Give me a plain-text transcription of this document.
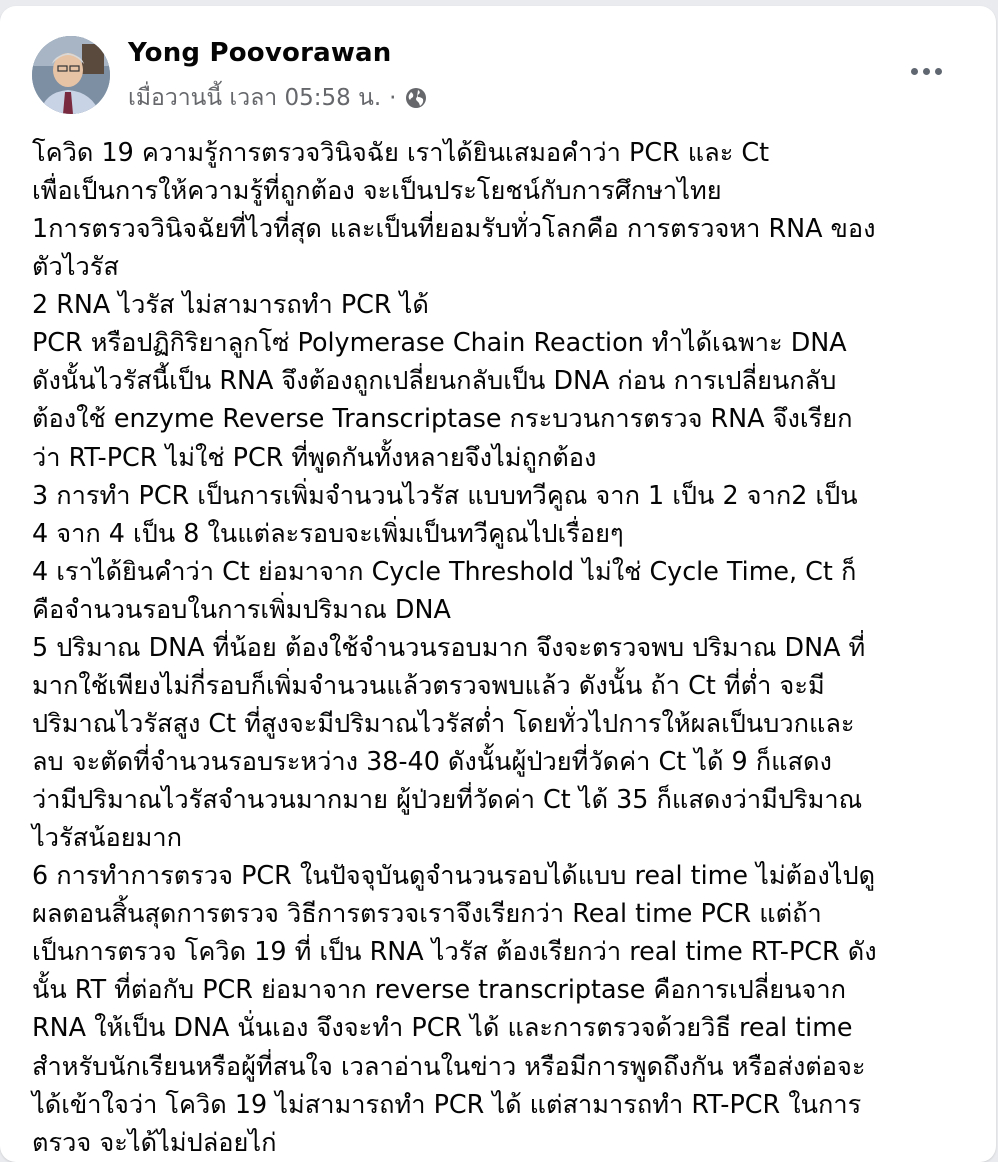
Yong Poovorawan
เมื่อวานนี้ เวลา 05:58 น. ·
โควิด 19 ความรู้การตรวจวินิจฉัย เราได้ยินเสมอคำว่า PCR และ Ct
เพื่อเป็นการให้ความรู้ที่ถูกต้อง จะเป็นประโยชน์กับการศึกษาไทย
1การตรวจวินิจฉัยที่ไวที่สุด และเป็นที่ยอมรับทั่วโลกคือ การตรวจหา RNA ของ
ตัวไวรัส
2 RNA ไวรัส ไม่สามารถทำ PCR ได้
PCR หรือปฏิกิริยาลูกโซ่ Polymerase Chain Reaction ทำได้เฉพาะ DNA
ดังนั้นไวรัสนี้เป็น RNA จึงต้องถูกเปลี่ยนกลับเป็น DNA ก่อน การเปลี่ยนกลับ
ต้องใช้ enzyme Reverse Transcriptase กระบวนการตรวจ RNA จึงเรียก
ว่า RT-PCR ไม่ใช่ PCR ที่พูดกันทั้งหลายจึงไม่ถูกต้อง
3 การทำ PCR เป็นการเพิ่มจำนวนไวรัส แบบทวีคูณ จาก 1 เป็น 2 จาก2 เป็น
4 จาก 4 เป็น 8 ในแต่ละรอบจะเพิ่มเป็นทวีคูณไปเรื่อยๆ
4 เราได้ยินคำว่า Ct ย่อมาจาก Cycle Threshold ไม่ใช่ Cycle Time, Ct ก็
คือจำนวนรอบในการเพิ่มปริมาณ DNA
5 ปริมาณ DNA ที่น้อย ต้องใช้จำนวนรอบมาก จึงจะตรวจพบ ปริมาณ DNA ที่
มากใช้เพียงไม่กี่รอบก็เพิ่มจำนวนแล้วตรวจพบแล้ว ดังนั้น ถ้า Ct ที่ต่ำ จะมี
ปริมาณไวรัสสูง Ct ที่สูงจะมีปริมาณไวรัสต่ำ โดยทั่วไปการให้ผลเป็นบวกและ
ลบ จะตัดที่จำนวนรอบระหว่าง 38-40 ดังนั้นผู้ป่วยที่วัดค่า Ct ได้ 9 ก็แสดง
ว่ามีปริมาณไวรัสจำนวนมากมาย ผู้ป่วยที่วัดค่า Ct ได้ 35 ก็แสดงว่ามีปริมาณ
ไวรัสน้อยมาก
6 การทำการตรวจ PCR ในปัจจุบันดูจำนวนรอบได้แบบ real time ไม่ต้องไปดู
ผลตอนสิ้นสุดการตรวจ วิธีการตรวจเราจึงเรียกว่า Real time PCR แต่ถ้า
เป็นการตรวจ โควิด 19 ที่ เป็น RNA ไวรัส ต้องเรียกว่า real time RT-PCR ดัง
นั้น RT ที่ต่อกับ PCR ย่อมาจาก reverse transcriptase คือการเปลี่ยนจาก
RNA ให้เป็น DNA นั่นเอง จึงจะทำ PCR ได้ และการตรวจด้วยวิธี real time
สำหรับนักเรียนหรือผู้ที่สนใจ เวลาอ่านในข่าว หรือมีการพูดถึงกัน หรือส่งต่อจะ
ได้เข้าใจว่า โควิด 19 ไม่สามารถทำ PCR ได้ แต่สามารถทำ RT-PCR ในการ
ตรวจ จะได้ไม่ปล่อยไก่
